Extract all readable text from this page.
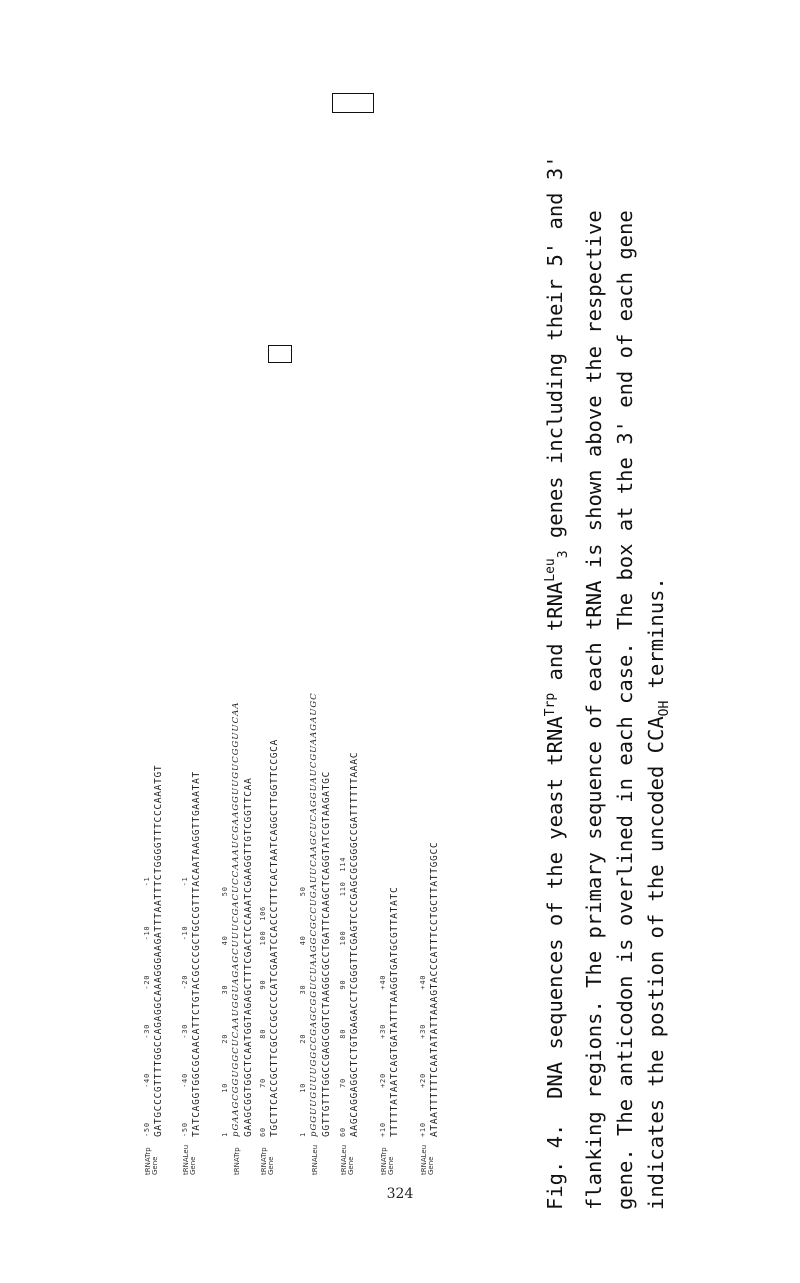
tRNATrp Gene
-50       -40       -30       -20       -10        -1 GATGCCCGTTTTGGCCAGAGGCAAAGGGAAGATTTAATTTCTGGGGTTTCCCAAATGT
tRNALeu Gene
-50       -40       -30       -20       -10        -1 TATCAGGTGGCGCAACATTCTGTACGCCCGCTGCCGTTTACAATAAGGTTGAAATAT
tRNATrp
1        10        20        30        40        50 pGAAGCGGUGGCUCAAUGGUAGAGCUUUCGACUCCAAAUCGAAGGUUGUCGGUUCAA GAAGCGGTGGCTCAATGGTAGAGCTTTCGACTCCAAATCGAAGGTTGTCGGTTCAA
tRNATrp Gene
60        70        80        90       100  106 TGCTTCACCGCTTCGCCCGCCCCATCGAATCCACCCTTTCACTAATCAGGCTTGGTTCCGCA
tRNALeu
1        10        20        30        40        50 pGGUUGUUUGGCCGAGCGGUCUAAGGCGCCUGAUUCAAGCUCAGGUAUCGUAAGAUGC GGTTGTTTGGCCGAGCGGTCTAAGGCGCCTGATTCAAGCTCAGGTATCGTAAGATGC
tRNALeu Gene
60        70        80        90       100       110  114 AAGCAGGAGGCTCTGTGAGACCTCGGGTTCGAGTCCCGAGCGCGGGCCGATTTTTTAAAC
tRNATrp Gene
+10       +20       +30       +40 TTTTTATAATCAGTGATATTTAAGGTGATGCGTTATATC
tRNALeu Gene
+10       +20       +30       +40 ATAATTTTTTCAATATATTAAAGTACCCATTTCCTGCTTATTGGCC

Fig. 4.  DNA sequences of the yeast tRNA$^{Trp}$ and tRNA$^{Leu}_3$ genes including their 5' and 3' flanking regions. The primary sequence of each tRNA is shown above the respective gene. The anticodon is overlined in each case. The box at the 3' end of each gene indicates the postion of the uncoded $CCA_{OH}$ terminus.

324
